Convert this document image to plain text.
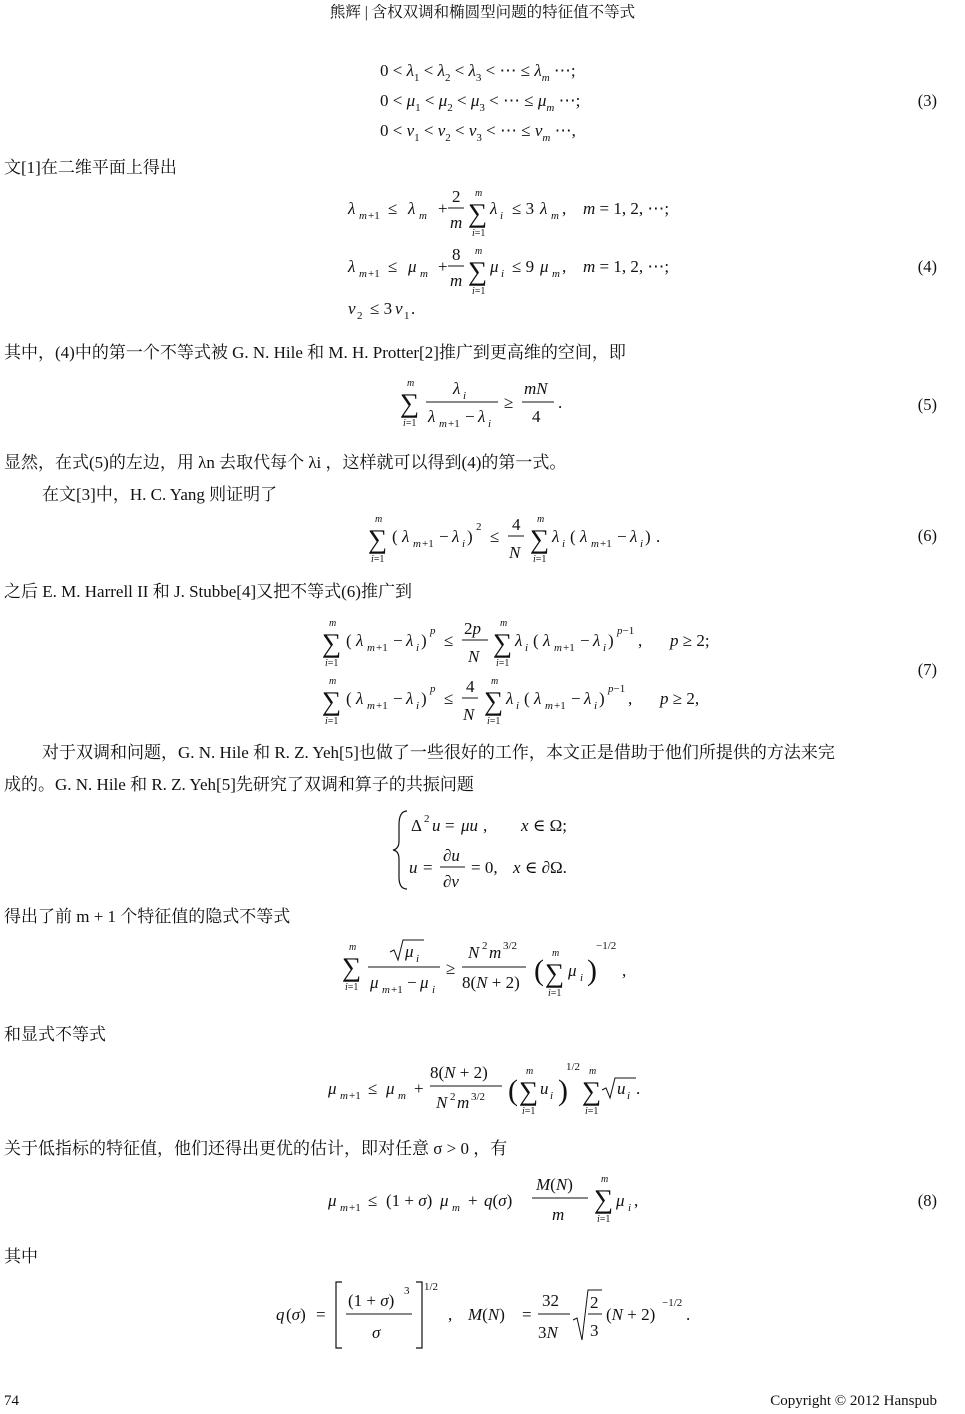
熊辉 | 含权双调和椭圆型问题的特征值不等式
$0 < \lambda_1 < \lambda_2 < \lambda_3$ < ⋯ ≤ $\lambda_m$ ⋯;
$0 < \mu_1 < \mu_2 < \mu_3$ < ⋯ ≤ $\mu_m$ ⋯;
$0 < v_1 < v_2 < v_3$ < ⋯ ≤ $v_m$ ⋯,
(3)
文[1]在二维平面上得出
λ m +1 ≤ λ m +
2
m
m
∑
i=1
λ i ≤ 3 λ m , m = 1, 2, ⋯;
λ m +1 ≤ μ m +
8
m
m
∑
i=1
μ i ≤ 9 μ m , m = 1, 2, ⋯;
v 2 ≤ 3 v 1 .
(4)
其中，(4)中的第一个不等式被 G. N. Hile 和 M. H. Protter[2]推广到更高维的空间，即
m
∑
i=1
λ i
λ m +1 − λ i
≥
mN
4
.	(5)
显然，在式(5)的左边，用 λn 去取代每个 λi ，这样就可以得到(4)的第一式。
在文[3]中，H. C. Yang 则证明了
m
∑
i=1
( λ m +1 − λ i ) 2 ≤
4
N
m
∑
i=1
λ i ( λ m +1 − λ i ) .	(6)
之后 E. M. Harrell II 和 J. Stubbe[4]又把不等式(6)推广到
m
∑
i=1
( λ m +1 − λ i ) p ≤
2p
N
m
∑
i=1
λ i ( λ m +1 − λ i ) p−1 , p ≥ 2;
m
∑
i=1
( λ m +1 − λ i ) p ≤
4
N
m
∑
i=1
λ i ( λ m +1 − λ i ) p−1 , p ≥ 2,
(7)
对于双调和问题，G. N. Hile 和 R. Z. Yeh[5]也做了一些很好的工作，本文正是借助于他们所提供的方法来完
成的。G. N. Hile 和 R. Z. Yeh[5]先研究了双调和算子的共振问题
Δ 2 u = μu , x ∈ Ω;
u =
∂u
∂v
= 0, x ∈ ∂Ω.
得出了前 m + 1 个特征值的隐式不等式
m
∑
i=1
μ i
μ m +1 − μ i
≥
N 2 m 3/2
8(N + 2) (
m
∑
i=1
μ i )
−1/2
,
和显式不等式
μ m +1 ≤ μ m +
8(N + 2)
N 2 m 3/2 (
m
∑
i=1
u i )
1/2 m
∑
i=1
u i .
关于低指标的特征值，他们还得出更优的估计，即对任意 σ > 0 ，有
μ m +1 ≤ (1 + σ) μ m + q(σ)
M(N)
m
m
∑
i=1
μ i ,	(8)
其中
q (σ) =
(1 + σ) 3
σ
1/2
, M(N) =
32
3N
2
3
(N + 2)
−1/2
.
74	Copyright © 2012 Hanspub
